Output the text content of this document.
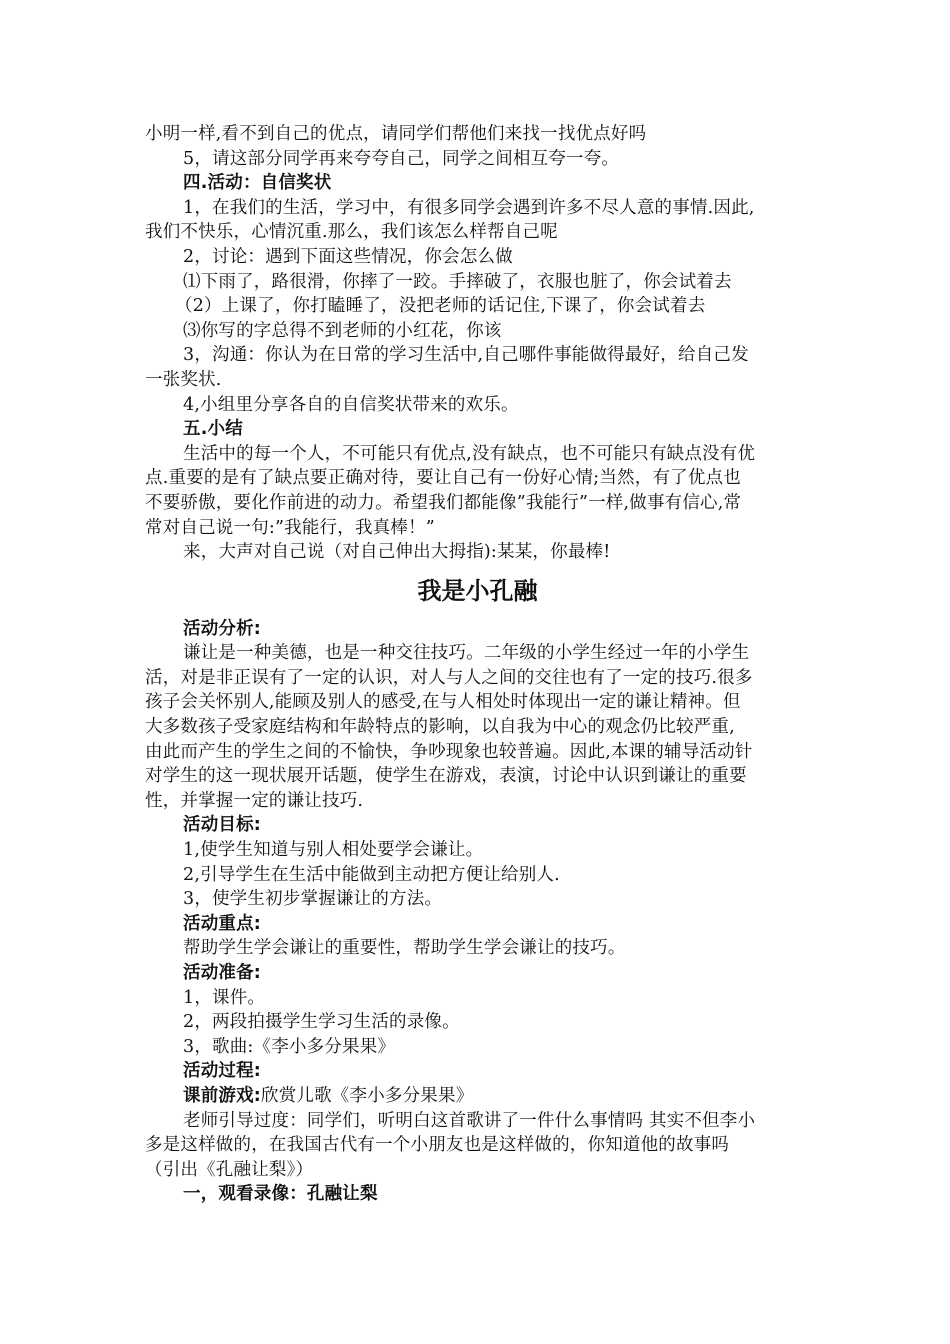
小明一样,看不到自己的优点，请同学们帮他们来找一找优点好吗
5，请这部分同学再来夸夸自己，同学之间相互夸一夸。
四.活动：自信奖状
1，在我们的生活，学习中，有很多同学会遇到许多不尽人意的事情.因此,
我们不快乐，心情沉重.那么，我们该怎么样帮自己呢
2，讨论：遇到下面这些情况，你会怎么做
⑴下雨了，路很滑，你摔了一跤。手摔破了，衣服也脏了，你会试着去
（2）上课了，你打瞌睡了，没把老师的话记住,下课了，你会试着去
⑶你写的字总得不到老师的小红花，你该
3，沟通：你认为在日常的学习生活中,自己哪件事能做得最好，给自己发
一张奖状.
4,小组里分享各自的自信奖状带来的欢乐。
五.小结
生活中的每一个人，不可能只有优点,没有缺点，也不可能只有缺点没有优
点.重要的是有了缺点要正确对待，要让自己有一份好心情;当然，有了优点也
不要骄傲，要化作前进的动力。希望我们都能像”我能行”一样,做事有信心,常
常对自己说一句:”我能行，我真棒！”
来，大声对自己说（对自己伸出大拇指):某某，你最棒!
我是小孔融
活动分析:
谦让是一种美德，也是一种交往技巧。二年级的小学生经过一年的小学生
活，对是非正误有了一定的认识，对人与人之间的交往也有了一定的技巧.很多
孩子会关怀别人,能顾及别人的感受,在与人相处时体现出一定的谦让精神。但
大多数孩子受家庭结构和年龄特点的影响，以自我为中心的观念仍比较严重,
由此而产生的学生之间的不愉快，争吵现象也较普遍。因此,本课的辅导活动针
对学生的这一现状展开话题，使学生在游戏，表演，讨论中认识到谦让的重要
性，并掌握一定的谦让技巧.
活动目标:
1,使学生知道与别人相处要学会谦让。
2,引导学生在生活中能做到主动把方便让给别人.
3，使学生初步掌握谦让的方法。
活动重点:
帮助学生学会谦让的重要性，帮助学生学会谦让的技巧。
活动准备:
1，课件。
2，两段拍摄学生学习生活的录像。
3，歌曲:《李小多分果果》
活动过程:
课前游戏:欣赏儿歌《李小多分果果》
老师引导过度：同学们，听明白这首歌讲了一件什么事情吗 其实不但李小
多是这样做的，在我国古代有一个小朋友也是这样做的，你知道他的故事吗
（引出《孔融让梨》）
一，观看录像：孔融让梨
